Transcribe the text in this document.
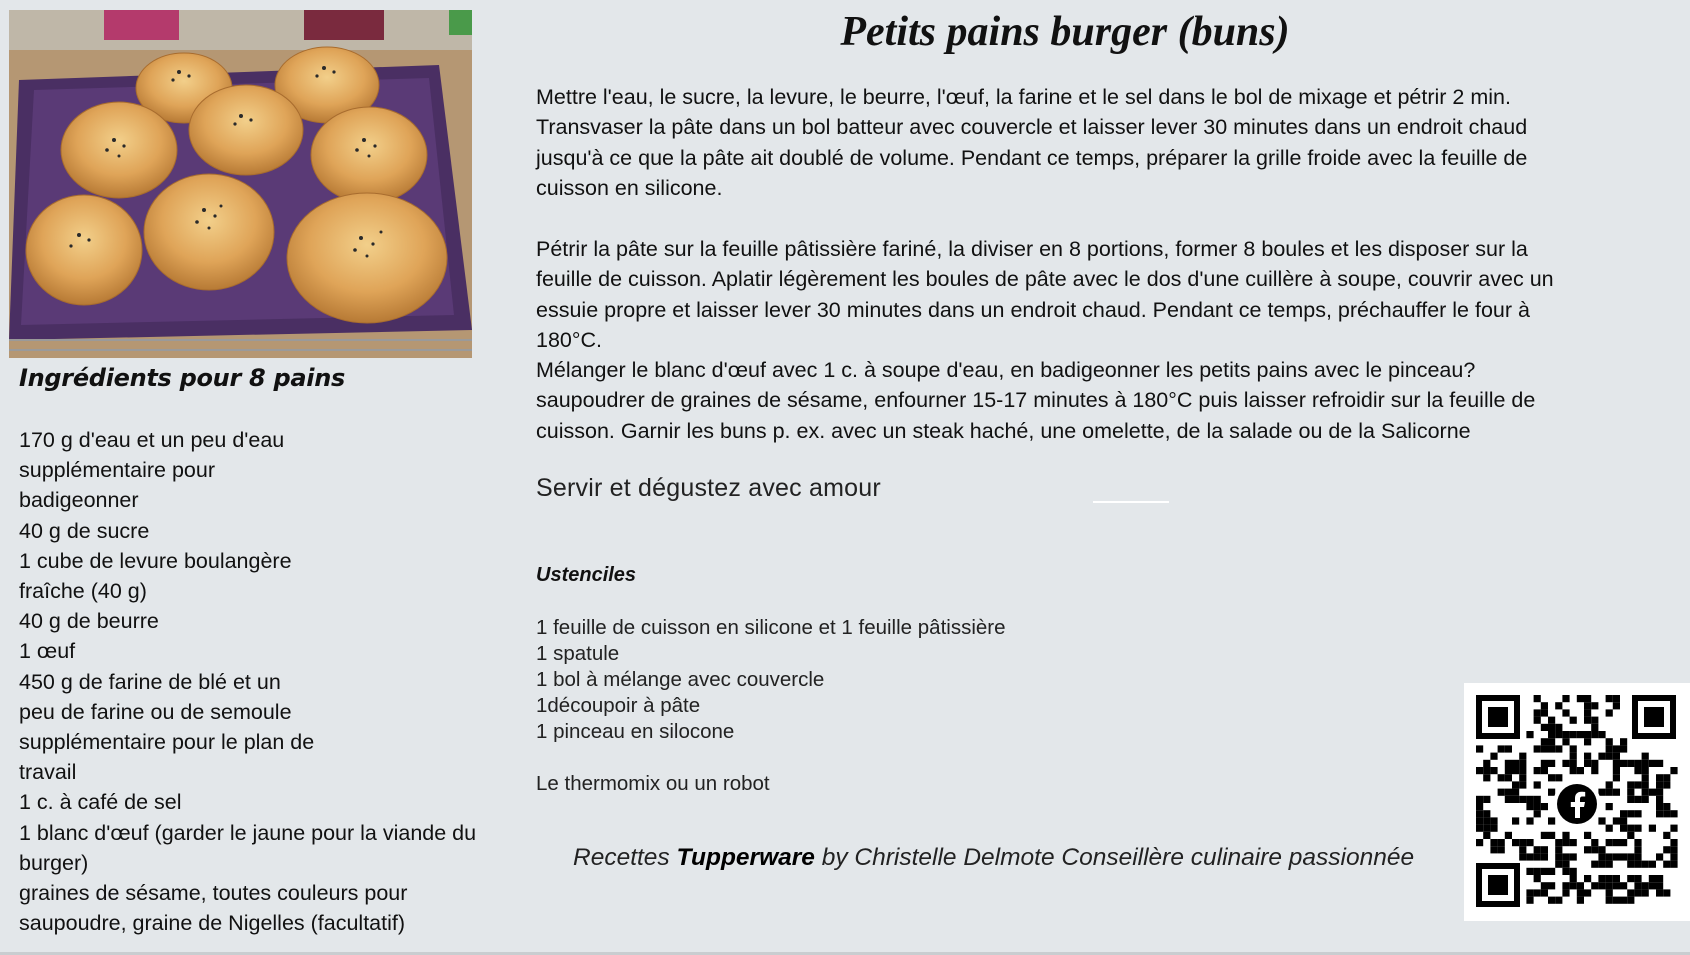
Ingrédients pour 8 pains
170 g d'eau et un peu d'eau supplémentaire pour badigeonner
40 g de sucre
1 cube de levure boulangère fraîche (40 g)
40 g de beurre
1 œuf
450 g de farine de blé et un peu de farine ou de semoule supplémentaire pour le plan de travail
1 c. à café de sel
1 blanc d'œuf (garder le jaune pour la viande du burger)
graines de sésame, toutes couleurs pour saupoudre, graine de Nigelles (facultatif)
Petits pains burger (buns)

Mettre l'eau, le sucre, la levure, le beurre, l'œuf, la farine et le sel dans le bol de mixage et pétrir 2 min. Transvaser la pâte dans un bol batteur avec couvercle et laisser lever 30 minutes dans un endroit chaud jusqu'à ce que la pâte ait doublé de volume. Pendant ce temps, préparer la grille froide avec la feuille de cuisson en silicone.

Pétrir la pâte sur la feuille pâtissière fariné, la diviser en 8 portions, former 8 boules et les disposer sur la feuille de cuisson. Aplatir légèrement les boules de pâte avec le dos d'une cuillère à soupe, couvrir avec un essuie propre et laisser lever 30 minutes dans un endroit chaud. Pendant ce temps, préchauffer le four à 180°C.

Mélanger le blanc d'œuf avec 1 c. à soupe d'eau, en badigeonner les petits pains avec le pinceau? saupoudrer de graines de sésame, enfourner 15-17 minutes à 180°C puis laisser refroidir sur la feuille de cuisson. Garnir les buns p. ex. avec un steak haché, une omelette, de la salade ou de la Salicorne

Servir et dégustez avec amour
Ustenciles
1 feuille de cuisson en silicone et 1 feuille pâtissière
1 spatule
1 bol à mélange avec couvercle
1découpoir à pâte
1 pinceau en silocone
Le thermomix ou un robot
Recettes Tupperware by Christelle Delmote Conseillère culinaire passionnée
